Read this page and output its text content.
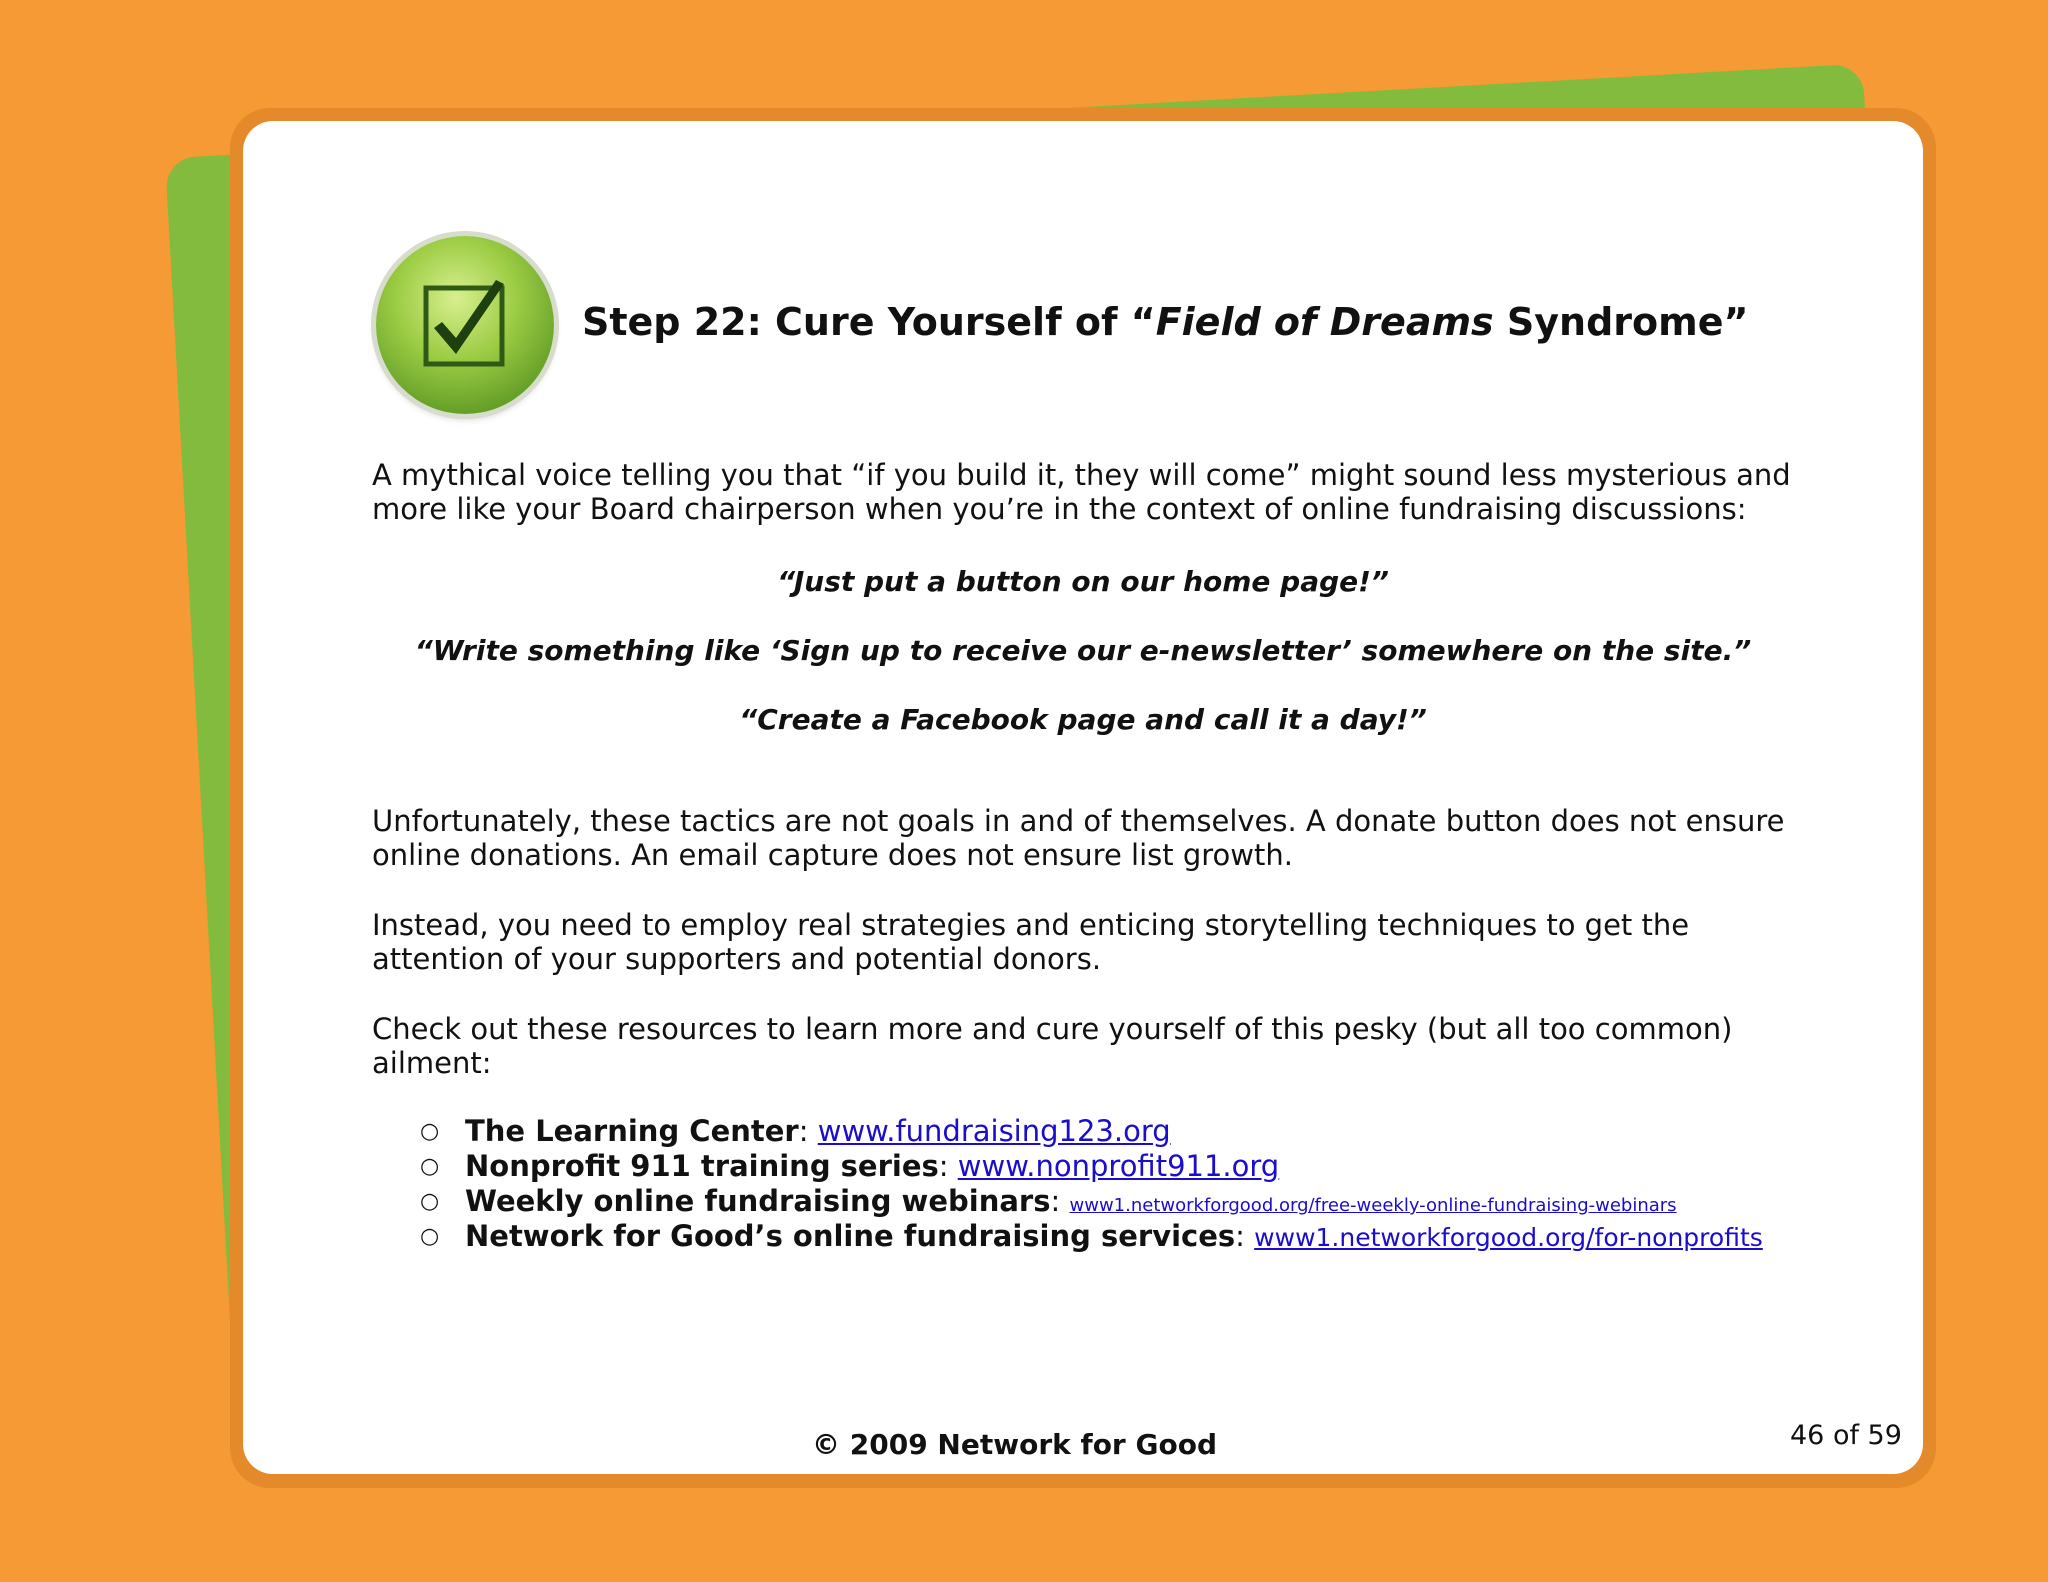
Step 22: Cure Yourself of “Field of Dreams Syndrome”

A mythical voice telling you that “if you build it, they will come” might sound less mysterious and more like your Board chairperson when you’re in the context of online fundraising discussions:

“Just put a button on our home page!”

“Write something like ‘Sign up to receive our e-newsletter’ somewhere on the site.”

“Create a Facebook page and call it a day!”

Unfortunately, these tactics are not goals in and of themselves. A donate button does not ensure online donations. An email capture does not ensure list growth.

Instead, you need to employ real strategies and enticing storytelling techniques to get the attention of your supporters and potential donors.

Check out these resources to learn more and cure yourself of this pesky (but all too common) ailment:

○ The Learning Center: www.fundraising123.org
○ Nonprofit 911 training series: www.nonprofit911.org
○ Weekly online fundraising webinars: www1.networkforgood.org/free-weekly-online-fundraising-webinars
○ Network for Good’s online fundraising services: www1.networkforgood.org/for-nonprofits

© 2009 Network for Good	46 of 59
